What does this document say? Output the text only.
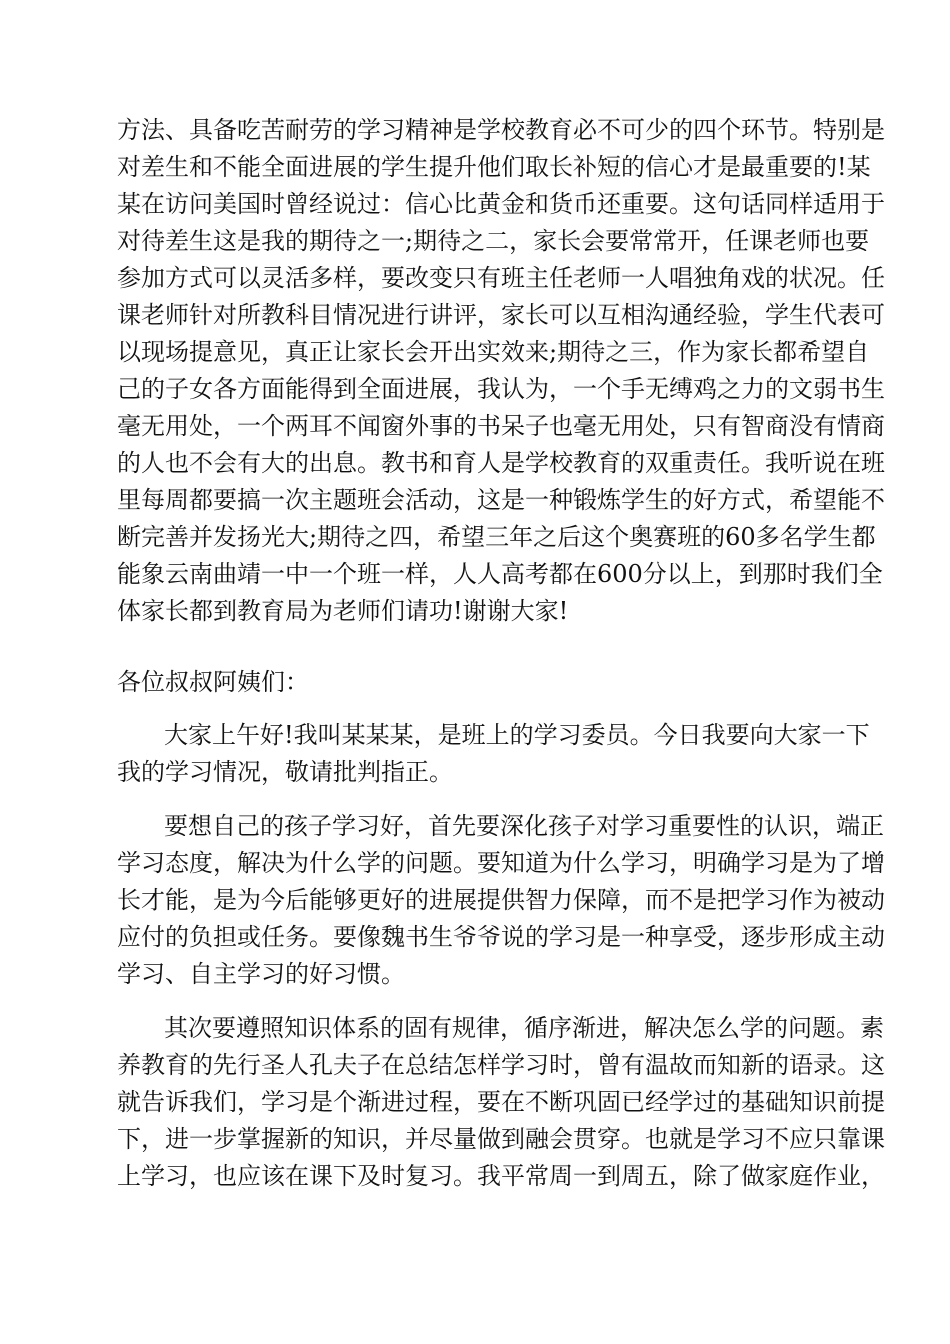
方法、具备吃苦耐劳的学习精神是学校教育必不可少的四个环节。特别是
对差生和不能全面进展的学生提升他们取长补短的信心才是最重要的!某
某在访问美国时曾经说过：信心比黄金和货币还重要。这句话同样适用于
对待差生这是我的期待之一;期待之二，家长会要常常开，任课老师也要
参加方式可以灵活多样，要改变只有班主任老师一人唱独角戏的状况。任
课老师针对所教科目情况进行讲评，家长可以互相沟通经验，学生代表可
以现场提意见，真正让家长会开出实效来;期待之三，作为家长都希望自
己的子女各方面能得到全面进展，我认为，一个手无缚鸡之力的文弱书生
毫无用处，一个两耳不闻窗外事的书呆子也毫无用处，只有智商没有情商
的人也不会有大的出息。教书和育人是学校教育的双重责任。我听说在班
里每周都要搞一次主题班会活动，这是一种锻炼学生的好方式，希望能不
断完善并发扬光大;期待之四，希望三年之后这个奥赛班的60多名学生都
能象云南曲靖一中一个班一样，人人高考都在600分以上，到那时我们全
体家长都到教育局为老师们请功!谢谢大家!
各位叔叔阿姨们：
大家上午好!我叫某某某，是班上的学习委员。今日我要向大家一下
我的学习情况，敬请批判指正。
要想自己的孩子学习好，首先要深化孩子对学习重要性的认识，端正
学习态度，解决为什么学的问题。要知道为什么学习，明确学习是为了增
长才能，是为今后能够更好的进展提供智力保障，而不是把学习作为被动
应付的负担或任务。要像魏书生爷爷说的学习是一种享受，逐步形成主动
学习、自主学习的好习惯。
其次要遵照知识体系的固有规律，循序渐进，解决怎么学的问题。素
养教育的先行圣人孔夫子在总结怎样学习时，曾有温故而知新的语录。这
就告诉我们，学习是个渐进过程，要在不断巩固已经学过的基础知识前提
下，进一步掌握新的知识，并尽量做到融会贯穿。也就是学习不应只靠课
上学习，也应该在课下及时复习。我平常周一到周五，除了做家庭作业，
